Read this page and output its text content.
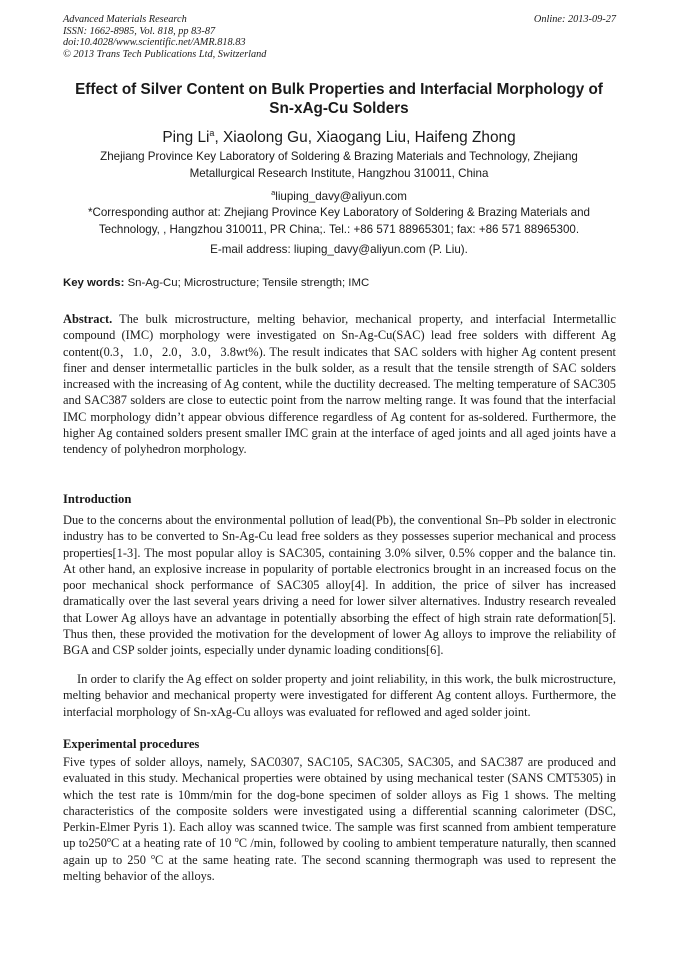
Advanced Materials Research
ISSN: 1662-8985, Vol. 818, pp 83-87
doi:10.4028/www.scientific.net/AMR.818.83
© 2013 Trans Tech Publications Ltd, Switzerland
Online: 2013-09-27
Effect of Silver Content on Bulk Properties and Interfacial Morphology of
Sn-xAg-Cu Solders
Ping Li$^a$, Xiaolong Gu, Xiaogang Liu, Haifeng Zhong
Zhejiang Province Key Laboratory of Soldering & Brazing Materials and Technology, Zhejiang
Metallurgical Research Institute, Hangzhou 310011, China
$^a$liuping_davy@aliyun.com
*Corresponding author at: Zhejiang Province Key Laboratory of Soldering & Brazing Materials and
Technology, , Hangzhou 310011, PR China;. Tel.: +86 571 88965301; fax: +86 571 88965300.
E-mail address: liuping_davy@aliyun.com (P. Liu).
Key words: Sn-Ag-Cu; Microstructure; Tensile strength; IMC

Abstract. The bulk microstructure, melting behavior, mechanical property, and interfacial Intermetallic compound (IMC) morphology were investigated on Sn-Ag-Cu(SAC) lead free solders with different Ag content(0.3，1.0，2.0，3.0，3.8wt%). The result indicates that SAC solders with higher Ag content present finer and denser intermetallic particles in the bulk solder, as a result that the tensile strength of SAC solders increased with the increasing of Ag content, while the ductility decreased. The melting temperature of SAC305 and SAC387 solders are close to eutectic point from the narrow melting range. It was found that the interfacial IMC morphology didn’t appear obvious difference regardless of Ag content for as-soldered. Furthermore, the higher Ag contained solders present smaller IMC grain at the interface of aged joints and all aged joints have a tendency of polyhedron morphology.

Introduction

Due to the concerns about the environmental pollution of lead(Pb), the conventional Sn–Pb solder in electronic industry has to be converted to Sn-Ag-Cu lead free solders as they possesses superior mechanical and process properties[1-3]. The most popular alloy is SAC305, containing 3.0% silver, 0.5% copper and the balance tin. At other hand, an explosive increase in popularity of portable electronics brought in an increased focus on the poor mechanical shock performance of SAC305 alloy[4]. In addition, the price of silver has increased dramatically over the last several years driving a need for lower silver alternatives. Industry research revealed that Lower Ag alloys have an advantage in potentially absorbing the effect of high strain rate deformation[5]. Thus then, these provided the motivation for the development of lower Ag alloys to improve the reliability of BGA and CSP solder joints, especially under dynamic loading conditions[6].

In order to clarify the Ag effect on solder property and joint reliability, in this work, the bulk microstructure, melting behavior and mechanical property were investigated for different Ag content alloys. Furthermore, the interfacial morphology of Sn-xAg-Cu alloys was evaluated for reflowed and aged solder joint.

Experimental procedures

Five types of solder alloys, namely, SAC0307, SAC105, SAC305, SAC305, and SAC387 are produced and evaluated in this study. Mechanical properties were obtained by using mechanical tester (SANS CMT5305) in which the test rate is 10mm/min for the dog-bone specimen of solder alloys as Fig 1 shows. The melting characteristics of the composite solders were investigated using a differential scanning calorimeter (DSC, Perkin-Elmer Pyris 1). Each alloy was scanned twice. The sample was first scanned from ambient temperature up to250$^o$C at a heating rate of 10 $^o$C /min, followed by cooling to ambient temperature naturally, then scanned again up to 250 $^o$C at the same heating rate. The second scanning thermograph was used to represent the melting behavior of the alloys.
